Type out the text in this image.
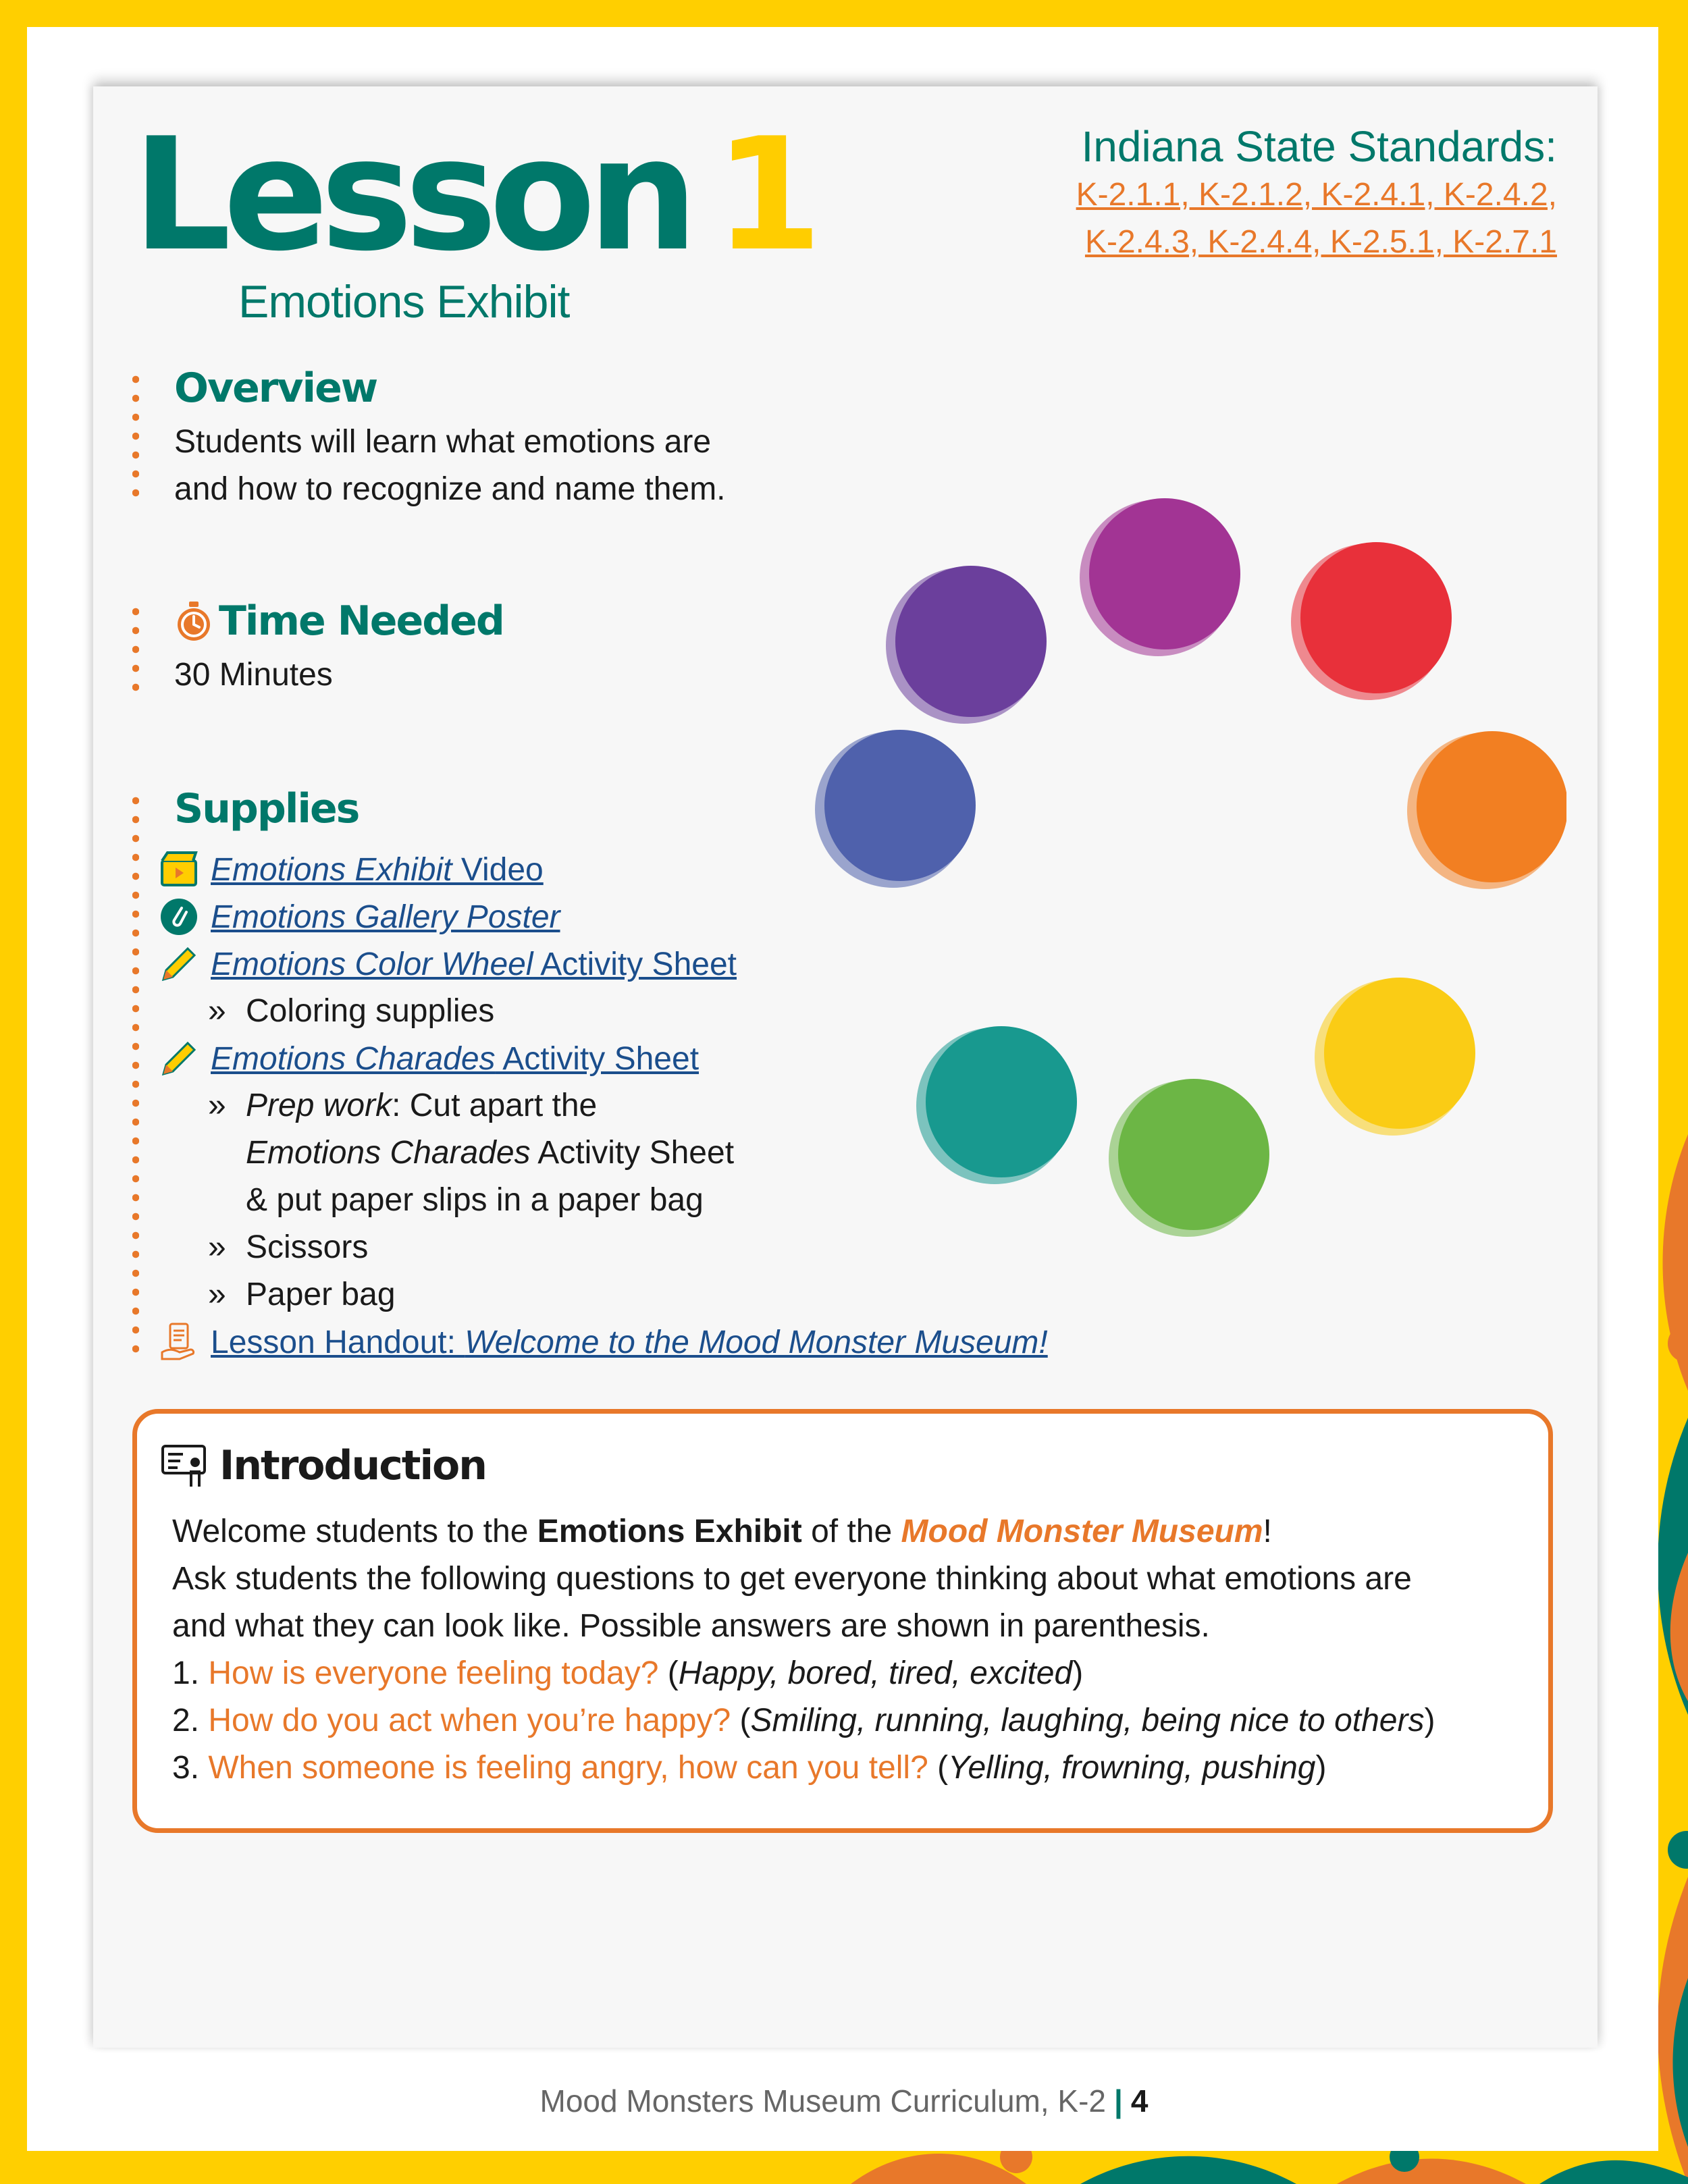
Lesson 1
Emotions Exhibit
Indiana State Standards:
K-2.1.1, K-2.1.2, K-2.4.1, K-2.4.2,
K-2.4.3, K-2.4.4, K-2.5.1, K-2.7.1
Overview
Students will learn what emotions are
and how to recognize and name them.
Time Needed
30 Minutes
Supplies
Emotions Exhibit Video
Emotions Gallery Poster
Emotions Color Wheel Activity Sheet
» Coloring supplies
Emotions Charades Activity Sheet
» Prep work: Cut apart the
Emotions Charades Activity Sheet
& put paper slips in a paper bag
» Scissors
» Paper bag
Lesson Handout: Welcome to the Mood Monster Museum!
Introduction
Welcome students to the Emotions Exhibit of the Mood Monster Museum!
Ask students the following questions to get everyone thinking about what emotions are
and what they can look like. Possible answers are shown in parenthesis.
1. How is everyone feeling today? (Happy, bored, tired, excited)
2. How do you act when you’re happy? (Smiling, running, laughing, being nice to others)
3. When someone is feeling angry, how can you tell? (Yelling, frowning, pushing)
Mood Monsters Museum Curriculum, K-2 | 4
